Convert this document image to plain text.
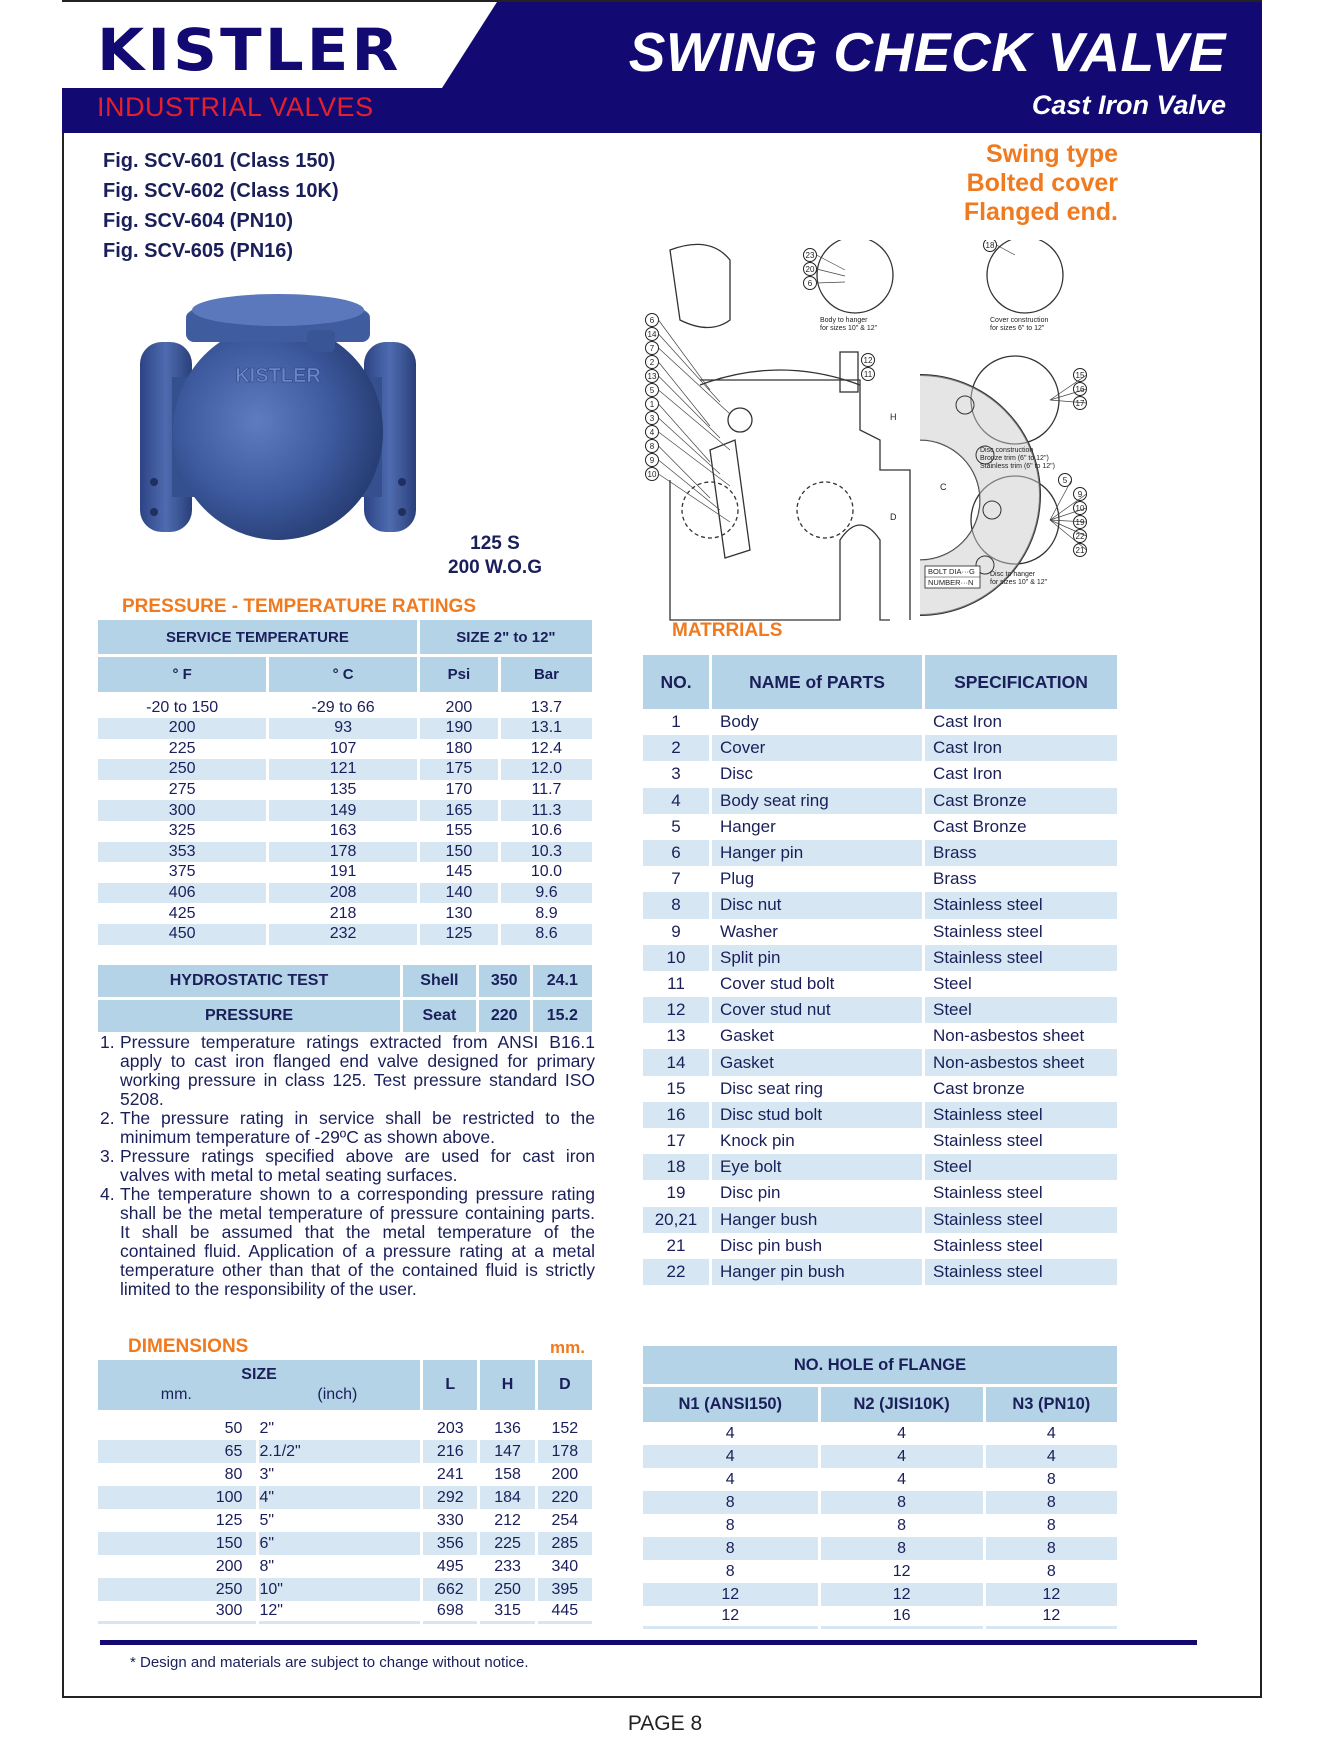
KISTLER
INDUSTRIAL VALVES
SWING CHECK VALVE
Cast Iron Valve
Fig. SCV-601 (Class 150)
Fig. SCV-602 (Class 10K)
Fig. SCV-604 (PN10)
Fig. SCV-605 (PN16)
Swing type
Bolted cover
Flanged end.
KISTLER
125 S
200 W.O.G
6
14
7
2
13
5
1
3
4
8
9
10
23
20
6
18
12
11	15
16
17
5
9
10
19
22
21
Body to hanger
for sizes 10" & 12"
Cover construction
for sizes 6" to 12"
Disc construction
Bronze trim (6" to 12")
Stainless trim (6" to 12")
Disc to hanger
for sizes 10" & 12"
BOLT DIA···G
NUMBER···N
H
D
C
PRESSURE - TEMPERATURE RATINGS
SERVICE TEMPERATURE		SIZE 2" to 12"	
° F	° C	Psi	Bar
-20 to 150	-29 to 66	200	13.7
200	93	190	13.1
225	107	180	12.4
250	121	175	12.0
275	135	170	11.7
300	149	165	11.3
325	163	155	10.6
353	178	150	10.3
375	191	145	10.0
406	208	140	9.6
425	218	130	8.9
450	232	125	8.6
HYDROSTATIC TEST	Shell	350	24.1
PRESSURE	Seat	220	15.2
1. Pressure temperature ratings extracted from ANSI B16.1 apply to cast iron flanged end valve designed for primary working pressure in class 125. Test pressure standard ISO 5208.
2. The pressure rating in service shall be restricted to the minimum temperature of -29ºC as shown above.
3. Pressure ratings specified above are used for cast iron valves with metal to metal seating surfaces.
4. The temperature shown to a corresponding pressure rating shall be the metal temperature of pressure containing parts. It shall be assumed that the metal temperature of the contained fluid. Application of a pressure rating at a metal temperature other than that of the contained fluid is strictly limited to the responsibility of the user.
DIMENSIONS	mm.
SIZE
mm. (inch)		L	H	D
50	2"	203	136	152
65	2.1/2"	216	147	178
80	3"	241	158	200
100	4"	292	184	220
125	5"	330	212	254
150	6"	356	225	285
200	8"	495	233	340
250	10"	662	250	395
300	12"	698	315	445
MATRRIALS
NO.	NAME of PARTS	SPECIFICATION
1	Body	Cast Iron
2	Cover	Cast Iron
3	Disc	Cast Iron
4	Body seat ring	Cast Bronze
5	Hanger	Cast Bronze
6	Hanger pin	Brass
7	Plug	Brass
8	Disc nut	Stainless steel
9	Washer	Stainless steel
10	Split pin	Stainless steel
11	Cover stud bolt	Steel
12	Cover stud nut	Steel
13	Gasket	Non-asbestos sheet
14	Gasket	Non-asbestos sheet
15	Disc seat ring	Cast bronze
16	Disc stud bolt	Stainless steel
17	Knock pin	Stainless steel
18	Eye bolt	Steel
19	Disc pin	Stainless steel
20,21	Hanger bush	Stainless steel
21	Disc pin bush	Stainless steel
22	Hanger pin bush	Stainless steel
NO. HOLE of FLANGE		
N1 (ANSI150)	N2 (JISI10K)	N3 (PN10)
4	4	4
4	4	4
4	4	8
8	8	8
8	8	8
8	8	8
8	12	8
12	12	12
12	16	12
* Design and materials are subject to change without notice.
PAGE 8
